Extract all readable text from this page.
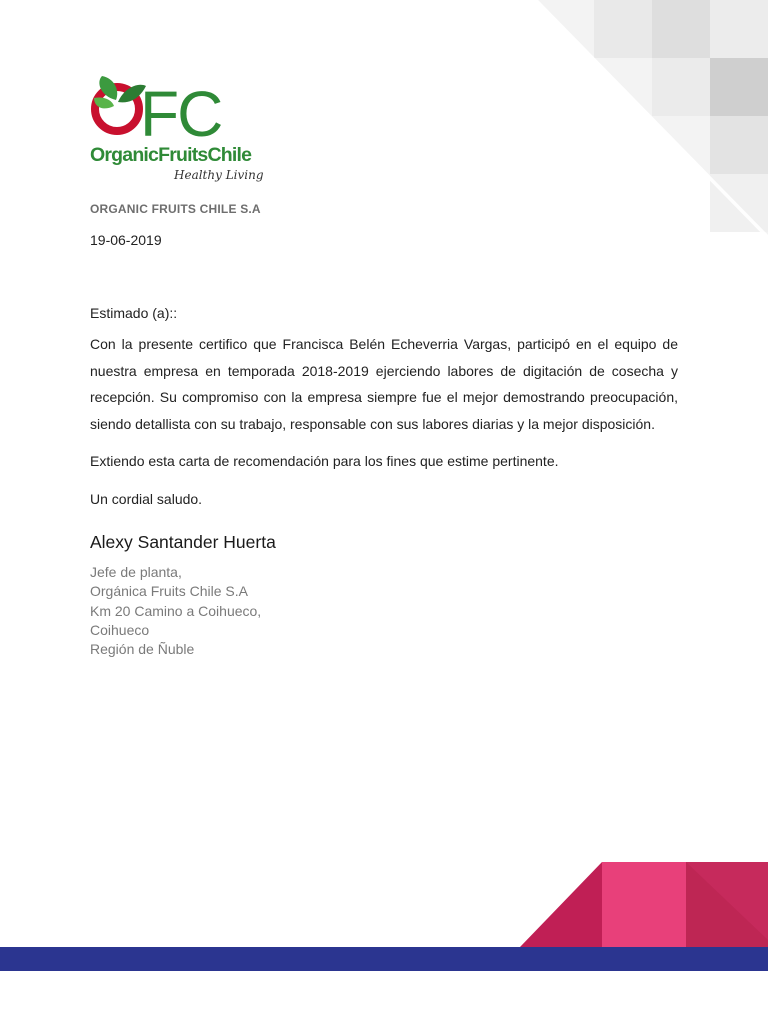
FC
OrganicFruitsChile
Healthy Living
ORGANIC FRUITS CHILE S.A
19-06-2019
Estimado (a)::

Con la presente certifico que Francisca Belén Echeverria Vargas, participó en el equipo de nuestra empresa en temporada 2018-2019 ejerciendo labores de digitación de cosecha y recepción. Su compromiso con la empresa siempre fue el mejor demostrando preocupación, siendo detallista con su trabajo, responsable con sus labores diarias y la mejor disposición.

Extiendo esta carta de recomendación para los fines que estime pertinente.
Un cordial saludo.
Alexy Santander Huerta
Jefe de planta,
Orgánica Fruits Chile S.A
Km 20 Camino a Coihueco,
Coihueco
Región de Ñuble
